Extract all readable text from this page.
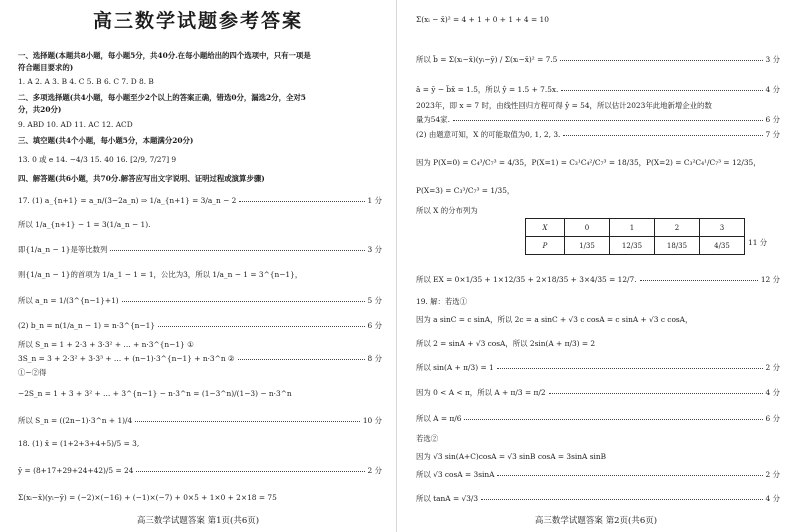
高三数学试题参考答案
一、选择题(本题共8小题，每小题5分，共40分.在每小题给出的四个选项中，只有一项是
符合题目要求的)
1. A 2. A 3. B 4. C 5. B 6. C 7. D 8. B
二、多项选择题(共4小题，每小题至少2个以上的答案正确，错选0分，漏选2分，全对5
分，共20分)
9. ABD 10. AD 11. AC 12. ACD
三、填空题(共4个小题，每小题5分，本题满分20分)
13. 0 或 e 14. −4/3 15. 40 16. [2/9, 7/27] 9
四、解答题(共6小题，共70分.解答应写出文字说明、证明过程或演算步骤)
17. (1) a_{n+1} = a_n/(3−2a_n) ⇒ 1/a_{n+1} = 3/a_n − 2	1 分
所以 1/a_{n+1} − 1 = 3(1/a_n − 1).
即{1/a_n − 1}是等比数列	3 分
则{1/a_n − 1}的首项为 1/a_1 − 1 = 1，公比为3，所以 1/a_n − 1 = 3^{n−1}，
所以 a_n = 1/(3^{n−1}+1)	5 分
(2) b_n = n(1/a_n − 1) = n·3^{n−1}	6 分
所以 S_n = 1 + 2·3 + 3·3² + … + n·3^{n−1} ①
3S_n = 3 + 2·3² + 3·3³ + … + (n−1)·3^{n−1} + n·3^n ②	8 分
①−②得
−2S_n = 1 + 3 + 3² + … + 3^{n−1} − n·3^n = (1−3^n)/(1−3) − n·3^n
所以 S_n = ((2n−1)·3^n + 1)/4	10 分
18. (1) x̄ = (1+2+3+4+5)/5 = 3,
ȳ = (8+17+29+24+42)/5 = 24	2 分
Σ(xᵢ−x̄)(yᵢ−ȳ) = (−2)×(−16) + (−1)×(−7) + 0×5 + 1×0 + 2×18 = 75
高三数学试题答案 第1页(共6页)
Σ(xᵢ − x̄)² = 4 + 1 + 0 + 1 + 4 = 10
所以 b̂ = Σ(xᵢ−x̄)(yᵢ−ȳ) / Σ(xᵢ−x̄)² = 7.5	3 分
â = ȳ − b̂x̄ = 1.5，所以 ŷ = 1.5 + 7.5x.	4 分
2023年，即 x = 7 时，由线性回归方程可得 ŷ = 54，所以估计2023年此地新增企业的数
量为54家.	6 分
(2) 由题意可知，X 的可能取值为0, 1, 2, 3.	7 分
因为 P(X=0) = C₄³/C₇³ = 4/35，P(X=1) = C₃¹C₄²/C₇³ = 18/35，P(X=2) = C₃²C₄¹/C₇³ = 12/35，
P(X=3) = C₃³/C₇³ = 1/35，
所以 X 的分布列为
所以 EX = 0×1/35 + 1×12/35 + 2×18/35 + 3×4/35 = 12/7.	12 分
19. 解：若选①
因为 a sinC = c sinA，所以 2c = a sinC + √3 c cosA = c sinA + √3 c cosA，
所以 2 = sinA + √3 cosA，所以 2sin(A + π/3) = 2
所以 sin(A + π/3) = 1	2 分
因为 0 < A < π，所以 A + π/3 = π/2	4 分
所以 A = π/6	6 分
若选②
因为 √3 sin(A+C)cosA = √3 sinB cosA = 3sinA sinB
所以 √3 cosA = 3sinA	2 分
所以 tanA = √3/3	4 分
X	0	1	2	3
P	1/35	12/35	18/35	4/35 11 分
高三数学试题答案 第2页(共6页)
